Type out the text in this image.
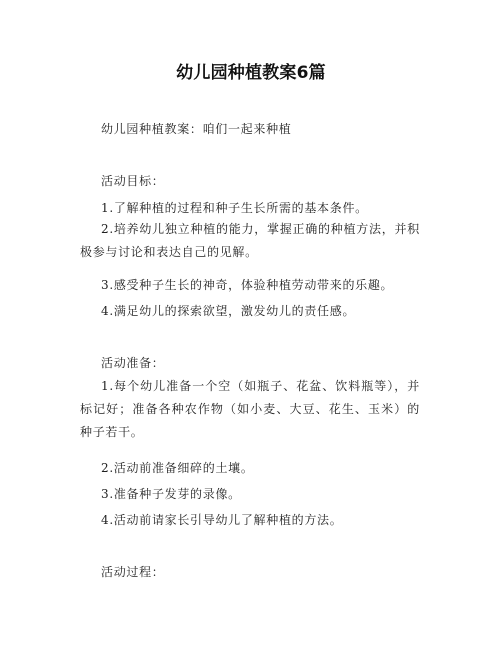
幼儿园种植教案6篇
幼儿园种植教案：咱们一起来种植
活动目标：
1.了解种植的过程和种子生长所需的基本条件。
2.培养幼儿独立种植的能力，掌握正确的种植方法，并积极参与讨论和表达自己的见解。
3.感受种子生长的神奇，体验种植劳动带来的乐趣。
4.满足幼儿的探索欲望，激发幼儿的责任感。
活动准备：
1.每个幼儿准备一个空（如瓶子、花盆、饮料瓶等），并标记好；准备各种农作物（如小麦、大豆、花生、玉米）的种子若干。
2.活动前准备细碎的土壤。
3.准备种子发芽的录像。
4.活动前请家长引导幼儿了解种植的方法。
活动过程：
